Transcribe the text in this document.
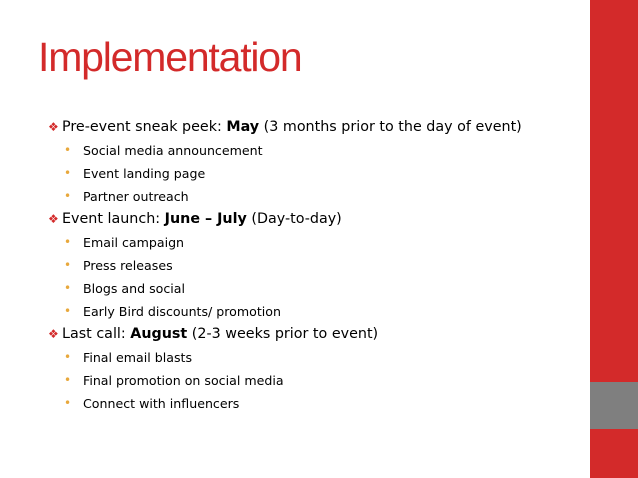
Implementation
❖ Pre-event sneak peek: May (3 months prior to the day of event)
• Social media announcement
• Event landing page
• Partner outreach
❖ Event launch: June – July (Day-to-day)
• Email campaign
• Press releases
• Blogs and social
• Early Bird discounts/ promotion
❖ Last call: August (2-3 weeks prior to event)
• Final email blasts
• Final promotion on social media
• Connect with influencers
